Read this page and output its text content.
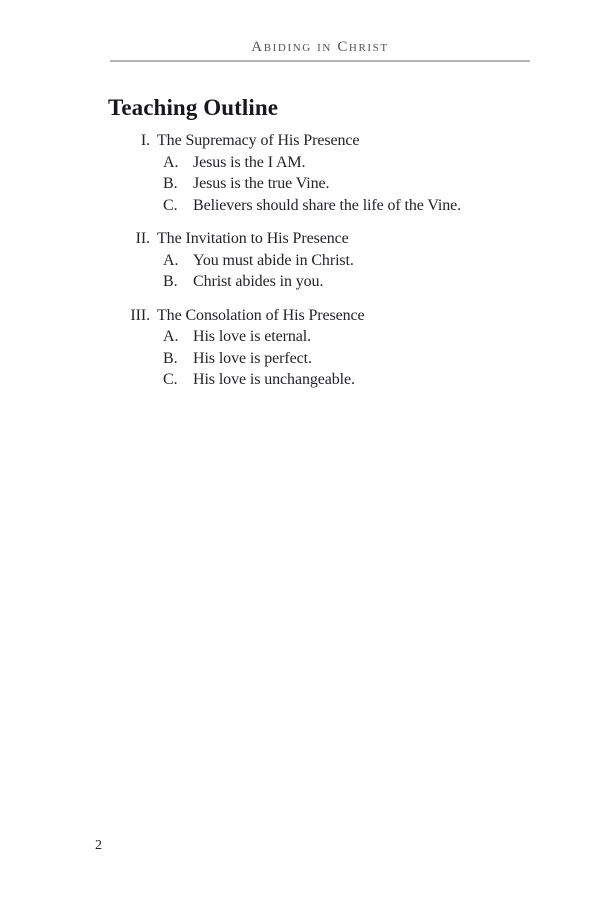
Abiding in Christ
Teaching Outline
I. The Supremacy of His Presence
A. Jesus is the I AM.
B. Jesus is the true Vine.
C. Believers should share the life of the Vine.
II. The Invitation to His Presence
A. You must abide in Christ.
B. Christ abides in you.
III. The Consolation of His Presence
A. His love is eternal.
B. His love is perfect.
C. His love is unchangeable.
2
